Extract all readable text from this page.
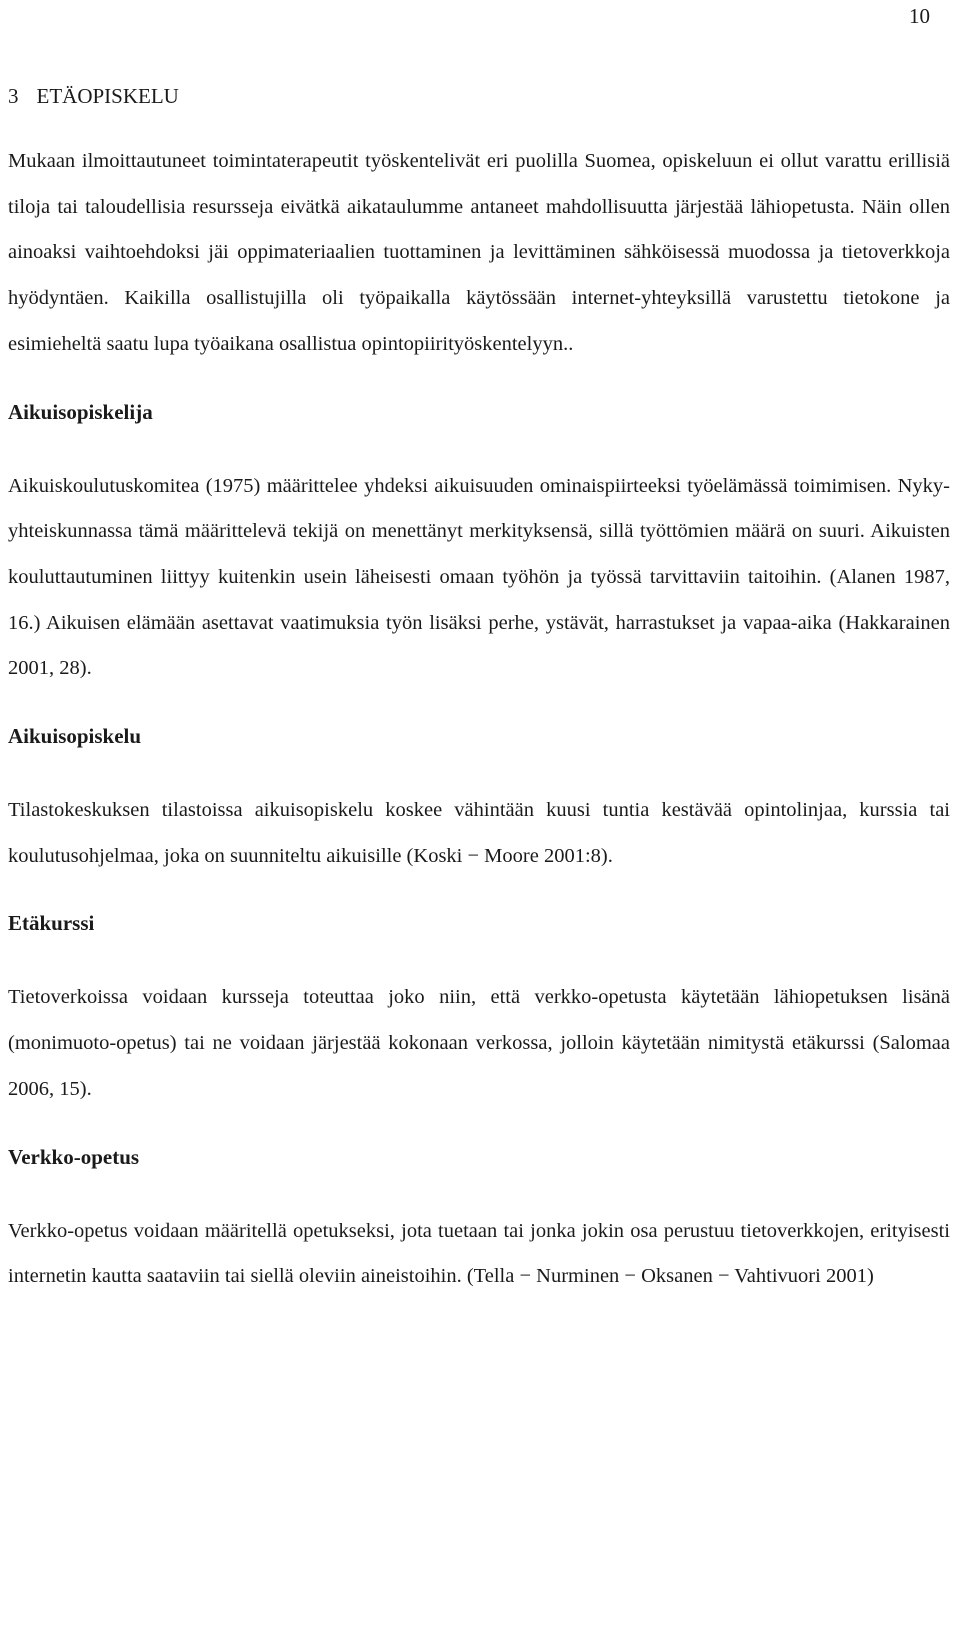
10
3 ETÄOPISKELU

Mukaan ilmoittautuneet toimintaterapeutit työskentelivät eri puolilla Suomea, opiskeluun ei ollut varattu erillisiä tiloja tai taloudellisia resursseja eivätkä aikataulumme antaneet mahdollisuutta järjestää lähiopetusta. Näin ollen ainoaksi vaihtoehdoksi jäi oppimateriaalien tuottaminen ja levittäminen sähköisessä muodossa ja tietoverkkoja hyödyntäen. Kaikilla osallistujilla oli työpaikalla käytössään internet-yhteyksillä varustettu tietokone ja esimieheltä saatu lupa työaikana osallistua opintopiirityöskentelyyn..

Aikuisopiskelija

Aikuiskoulutuskomitea (1975) määrittelee yhdeksi aikuisuuden ominaispiirteeksi työelämässä toimimisen. Nyky-yhteiskunnassa tämä määrittelevä tekijä on menettänyt merkityksensä, sillä työttömien määrä on suuri. Aikuisten kouluttautuminen liittyy kuitenkin usein läheisesti omaan työhön ja työssä tarvittaviin taitoihin. (Alanen 1987, 16.) Aikuisen elämään asettavat vaatimuksia työn lisäksi perhe, ystävät, harrastukset ja vapaa-aika (Hakkarainen 2001, 28).

Aikuisopiskelu

Tilastokeskuksen tilastoissa aikuisopiskelu koskee vähintään kuusi tuntia kestävää opintolinjaa, kurssia tai koulutusohjelmaa, joka on suunniteltu aikuisille (Koski − Moore 2001:8).

Etäkurssi

Tietoverkoissa voidaan kursseja toteuttaa joko niin, että verkko-opetusta käytetään lähiopetuksen lisänä (monimuoto-opetus) tai ne voidaan järjestää kokonaan verkossa, jolloin käytetään nimitystä etäkurssi (Salomaa 2006, 15).

Verkko-opetus

Verkko-opetus voidaan määritellä opetukseksi, jota tuetaan tai jonka jokin osa perustuu tietoverkkojen, erityisesti internetin kautta saataviin tai siellä oleviin aineistoihin. (Tella − Nurminen − Oksanen − Vahtivuori 2001)
